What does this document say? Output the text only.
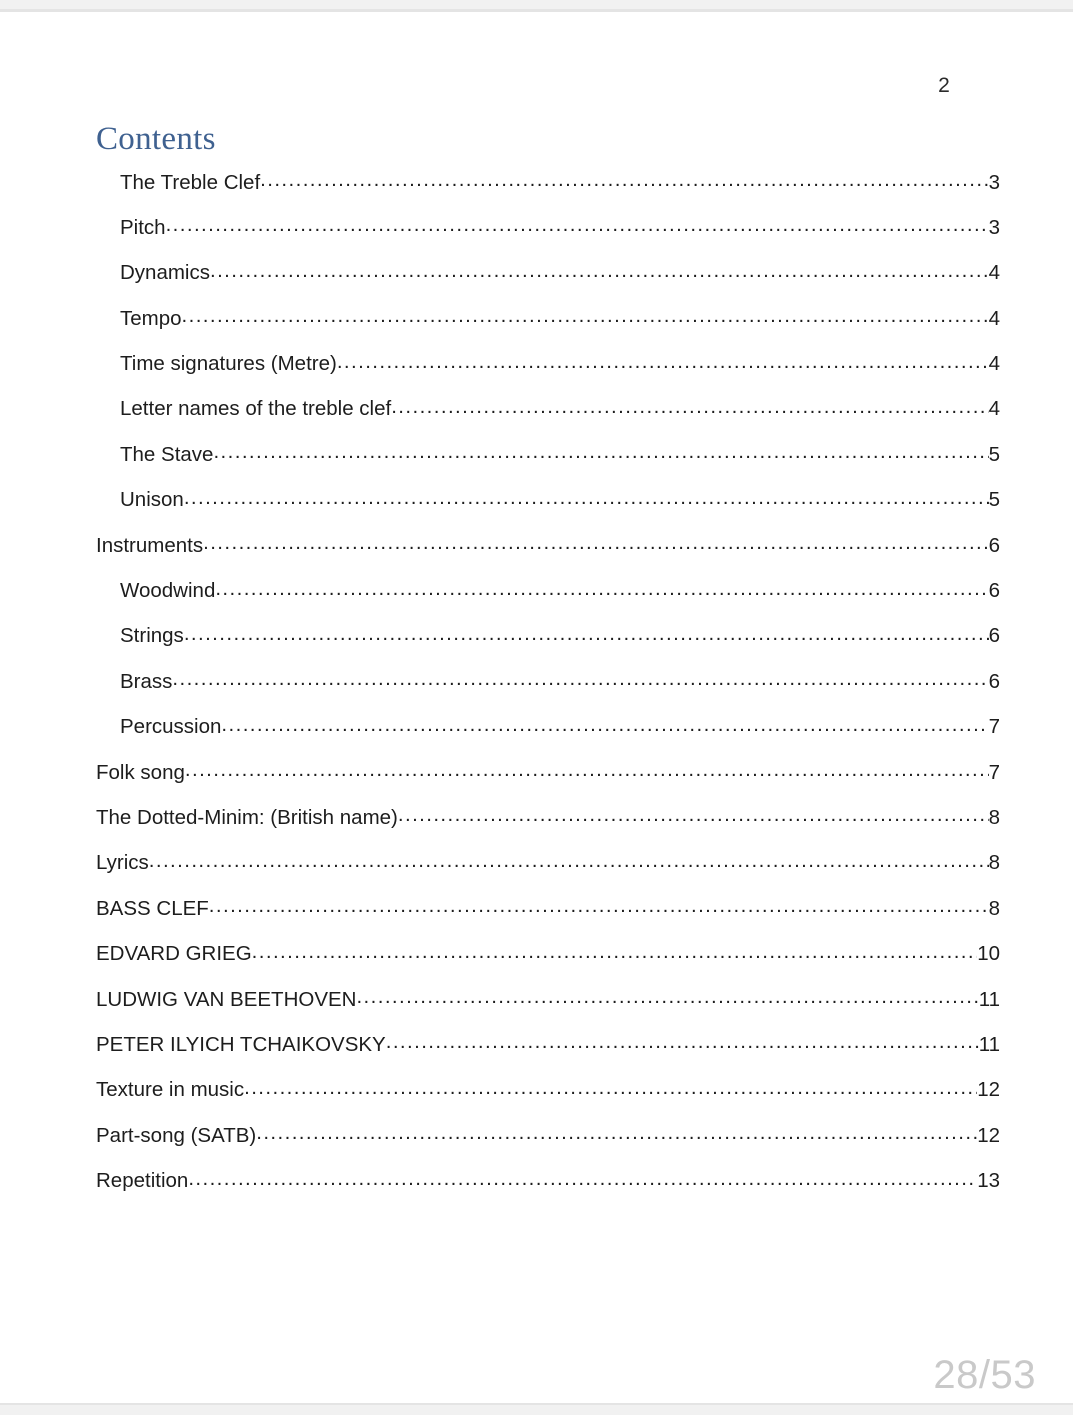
2
Contents
The Treble Clef . . .	3
Pitch . . .	3
Dynamics . . .	4
Tempo . . .	4
Time signatures (Metre) . . .	4
Letter names of the treble clef . . .	4
The Stave . . .	5
Unison . . .	5
Instruments . . .	6
Woodwind . . .	6
Strings . . .	6
Brass . . .	6
Percussion . . .	7
Folk song . . .	7
The Dotted-Minim: (British name) . . .	8
Lyrics . . .	8
BASS CLEF . . .	8
EDVARD GRIEG . . .	10
LUDWIG VAN BEETHOVEN . . .	11
PETER ILYICH TCHAIKOVSKY . . .	11
Texture in music . . .	12
Part-song (SATB) . . .	12
Repetition . . .	13
28/53
